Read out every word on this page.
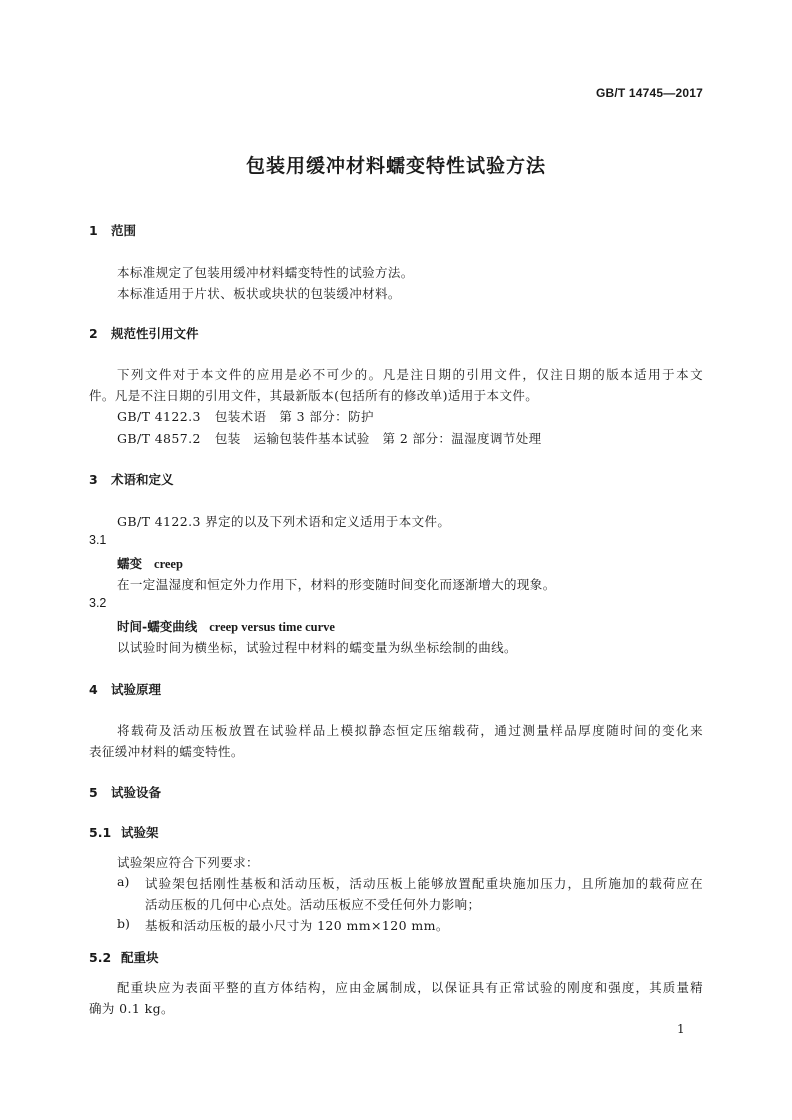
GB/T 14745—2017
包装用缓冲材料蠕变特性试验方法
1 范围
本标准规定了包装用缓冲材料蠕变特性的试验方法。
本标准适用于片状、板状或块状的包装缓冲材料。
2 规范性引用文件
下列文件对于本文件的应用是必不可少的。凡是注日期的引用文件，仅注日期的版本适用于本文
件。凡是不注日期的引用文件，其最新版本(包括所有的修改单)适用于本文件。
GB/T 4122.3 包装术语　第 3 部分：防护
GB/T 4857.2 包装　运输包装件基本试验　第 2 部分：温湿度调节处理
3 术语和定义
GB/T 4122.3 界定的以及下列术语和定义适用于本文件。
3.1
蠕变 creep
在一定温湿度和恒定外力作用下，材料的形变随时间变化而逐渐增大的现象。
3.2
时间-蠕变曲线 creep versus time curve
以试验时间为横坐标，试验过程中材料的蠕变量为纵坐标绘制的曲线。
4 试验原理
将载荷及活动压板放置在试验样品上模拟静态恒定压缩载荷，通过测量样品厚度随时间的变化来
表征缓冲材料的蠕变特性。
5 试验设备
5.1 试验架
试验架应符合下列要求：
a) 试验架包括刚性基板和活动压板，活动压板上能够放置配重块施加压力，且所施加的载荷应在
活动压板的几何中心点处。活动压板应不受任何外力影响；
b) 基板和活动压板的最小尺寸为 120 mm×120 mm。
5.2 配重块
配重块应为表面平整的直方体结构，应由金属制成，以保证具有正常试验的刚度和强度，其质量精
确为 0.1 kg。
1
